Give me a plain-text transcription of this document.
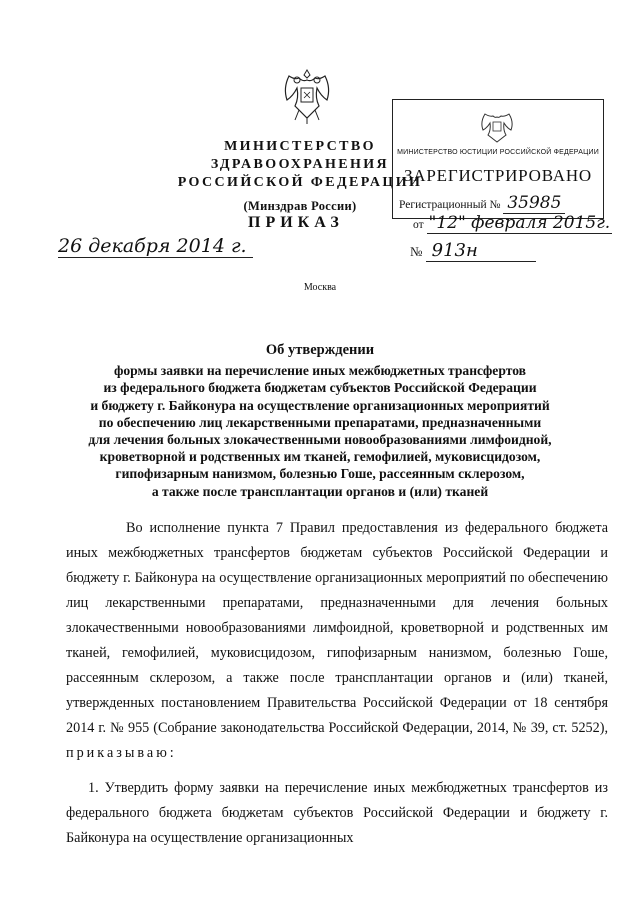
МИНИСТЕРСТВО ЗДРАВООХРАНЕНИЯ
РОССИЙСКОЙ ФЕДЕРАЦИИ
(Минздрав России)
МИНИСТЕРСТВО ЮСТИЦИИ РОССИЙСКОЙ ФЕДЕРАЦИИ
ЗАРЕГИСТРИРОВАНО
Регистрационный № 35985
от "12" февраля 2015г.
ПРИКАЗ
26 декабря 2014 г.	№ 913н
Москва
Об утверждении
формы заявки на перечисление иных межбюджетных трансфертов
из федерального бюджета бюджетам субъектов Российской Федерации
и бюджету г. Байконура на осуществление организационных мероприятий
по обеспечению лиц лекарственными препаратами, предназначенными
для лечения больных злокачественными новообразованиями лимфоидной,
кроветворной и родственных им тканей, гемофилией, муковисцидозом,
гипофизарным нанизмом, болезнью Гоше, рассеянным склерозом,
а также после трансплантации органов и (или) тканей
Во исполнение пункта 7 Правил предоставления из федерального бюджета иных межбюджетных трансфертов бюджетам субъектов Российской Федерации и бюджету г. Байконура на осуществление организационных мероприятий по обеспечению лиц лекарственными препаратами, предназначенными для лечения больных злокачественными новообразованиями лимфоидной, кроветворной и родственных им тканей, гемофилией, муковисцидозом, гипофизарным нанизмом, болезнью Гоше, рассеянным склерозом, а также после трансплантации органов и (или) тканей, утвержденных постановлением Правительства Российской Федерации от 18 сентября 2014 г. № 955 (Собрание законодательства Российской Федерации, 2014, № 39, ст. 5252), приказываю:
1. Утвердить форму заявки на перечисление иных межбюджетных трансфертов из федерального бюджета бюджетам субъектов Российской Федерации и бюджету г. Байконура на осуществление организационных
